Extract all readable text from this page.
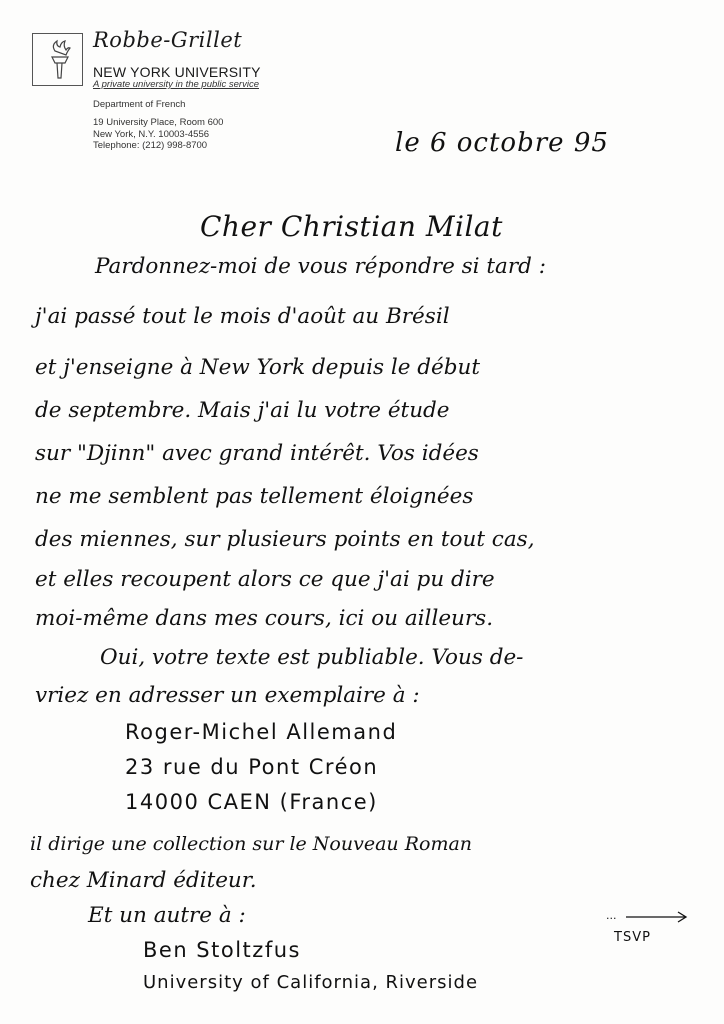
Robbe-Grillet
NEW YORK UNIVERSITY
A private university in the public service
Department of French
19 University Place, Room 600
New York, N.Y. 10003-4556
Telephone: (212) 998-8700	le 6 octobre 95
Cher Christian Milat
Pardonnez-moi de vous répondre si tard :
j'ai passé tout le mois d'août au Brésil
et j'enseigne à New York depuis le début
de septembre. Mais j'ai lu votre étude
sur "Djinn" avec grand intérêt. Vos idées
ne me semblent pas tellement éloignées
des miennes, sur plusieurs points en tout cas,
et elles recoupent alors ce que j'ai pu dire
moi-même dans mes cours, ici ou ailleurs.
Oui, votre texte est publiable. Vous de-
vriez en adresser un exemplaire à :
Roger-Michel Allemand
23 rue du Pont Créon
14000 CAEN (France)
il dirige une collection sur le Nouveau Roman
chez Minard éditeur.
Et un autre à :
Ben Stoltzfus
University of California, Riverside
...
TSVP
